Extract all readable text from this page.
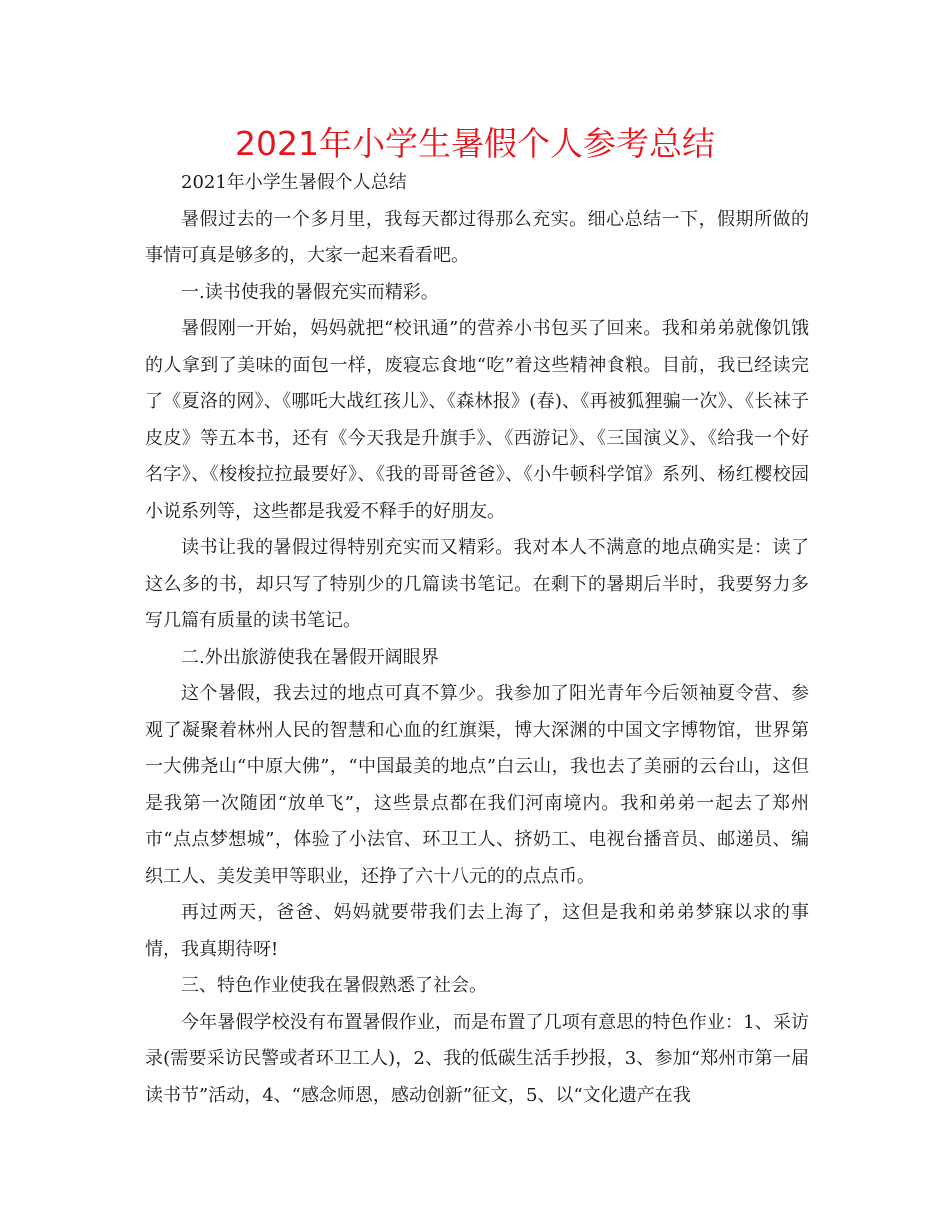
2021年小学生暑假个人参考总结

2021年小学生暑假个人总结

暑假过去的一个多月里，我每天都过得那么充实。细心总结一下，假期所做的事情可真是够多的，大家一起来看看吧。

一.读书使我的暑假充实而精彩。

暑假刚一开始，妈妈就把“校讯通”的营养小书包买了回来。我和弟弟就像饥饿的人拿到了美味的面包一样，废寝忘食地“吃”着这些精神食粮。目前，我已经读完了《夏洛的网》、《哪吒大战红孩儿》、《森林报》(春)、《再被狐狸骗一次》、《长袜子皮皮》等五本书，还有《今天我是升旗手》、《西游记》、《三国演义》、《给我一个好名字》、《梭梭拉拉最要好》、《我的哥哥爸爸》、《小牛顿科学馆》系列、杨红樱校园小说系列等，这些都是我爱不释手的好朋友。

读书让我的暑假过得特别充实而又精彩。我对本人不满意的地点确实是：读了这么多的书，却只写了特别少的几篇读书笔记。在剩下的暑期后半时，我要努力多写几篇有质量的读书笔记。

二.外出旅游使我在暑假开阔眼界

这个暑假，我去过的地点可真不算少。我参加了阳光青年今后领袖夏令营、参观了凝聚着林州人民的智慧和心血的红旗渠，博大深渊的中国文字博物馆，世界第一大佛尧山“中原大佛”，“中国最美的地点”白云山，我也去了美丽的云台山，这但是我第一次随团“放单飞”，这些景点都在我们河南境内。我和弟弟一起去了郑州市“点点梦想城”，体验了小法官、环卫工人、挤奶工、电视台播音员、邮递员、编织工人、美发美甲等职业，还挣了六十八元的的点点币。

再过两天，爸爸、妈妈就要带我们去上海了，这但是我和弟弟梦寐以求的事情，我真期待呀!

三、特色作业使我在暑假熟悉了社会。

今年暑假学校没有布置暑假作业，而是布置了几项有意思的特色作业：1、采访录(需要采访民警或者环卫工人)，2、我的低碳生活手抄报，3、参加“郑州市第一届读书节”活动，4、“感念师恩，感动创新”征文，5、以“文化遗产在我
